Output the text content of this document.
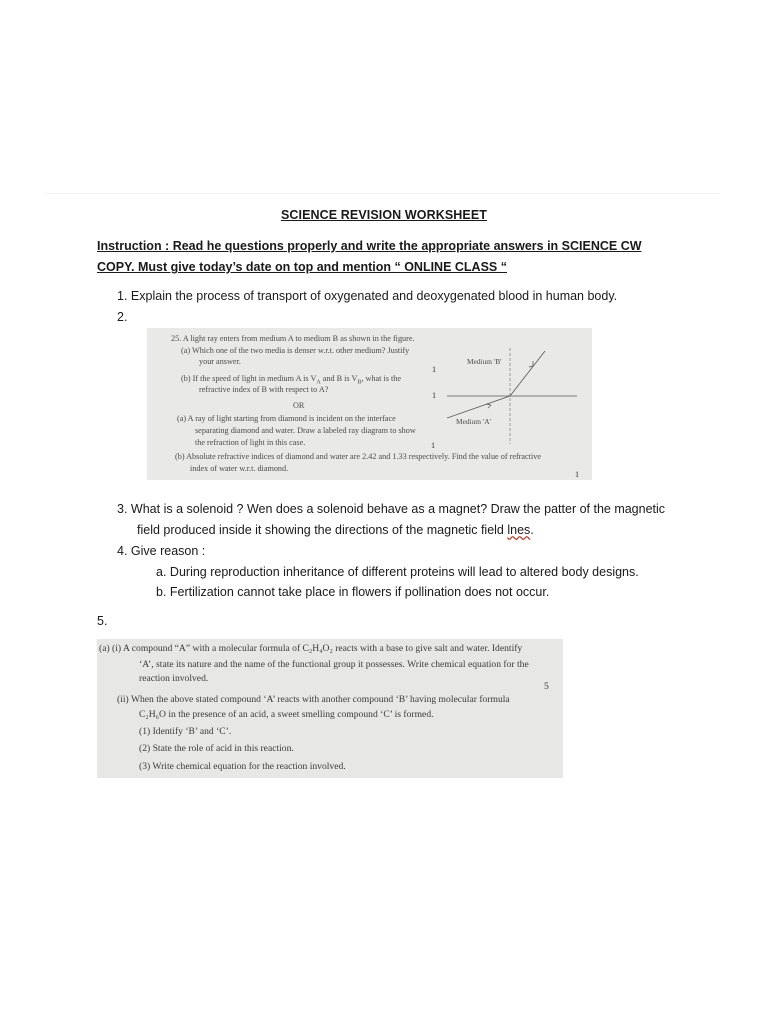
SCIENCE REVISION WORKSHEET
Instruction : Read he questions properly and write the appropriate answers in SCIENCE CW
COPY. Must give today’s date on top and mention “ ONLINE CLASS “
1. Explain the process of transport of oxygenated and deoxygenated blood in human body.
2.
25. A light ray enters from medium A to medium B as shown in the figure.
(a) Which one of the two media is denser w.r.t. other medium? Justify
your answer.
1
(b) If the speed of light in medium A is $V_A$ and B is $V_B$, what is the
refractive index of B with respect to A?
1
OR
(a) A ray of light starting from diamond is incident on the interface
separating diamond and water. Draw a labeled ray diagram to show
the refraction of light in this case.	1
(b) Absolute refractive indices of diamond and water are 2.42 and 1.33 respectively. Find the value of refractive
index of water w.r.t. diamond.
1
Medium 'B'
Medium 'A'
3. What is a solenoid ? Wen does a solenoid behave as a magnet? Draw the patter of the magnetic
field produced inside it showing the directions of the magnetic field lnes.
4. Give reason :
a. During reproduction inheritance of different proteins will lead to altered body designs.
b. Fertilization cannot take place in flowers if pollination does not occur.
5.
(a) (i) A compound “A” with a molecular formula of C₂H₄O₂ reacts with a base to give salt and water. Identify
‘A’, state its nature and the name of the functional group it possesses. Write chemical equation for the
reaction involved.
5
(ii) When the above stated compound ‘A’ reacts with another compound ‘B’ having molecular formula
C₂H₆O in the presence of an acid, a sweet smelling compound ‘C’ is formed.
(1) Identify ‘B’ and ‘C’.
(2) State the role of acid in this reaction.
(3) Write chemical equation for the reaction involved.
